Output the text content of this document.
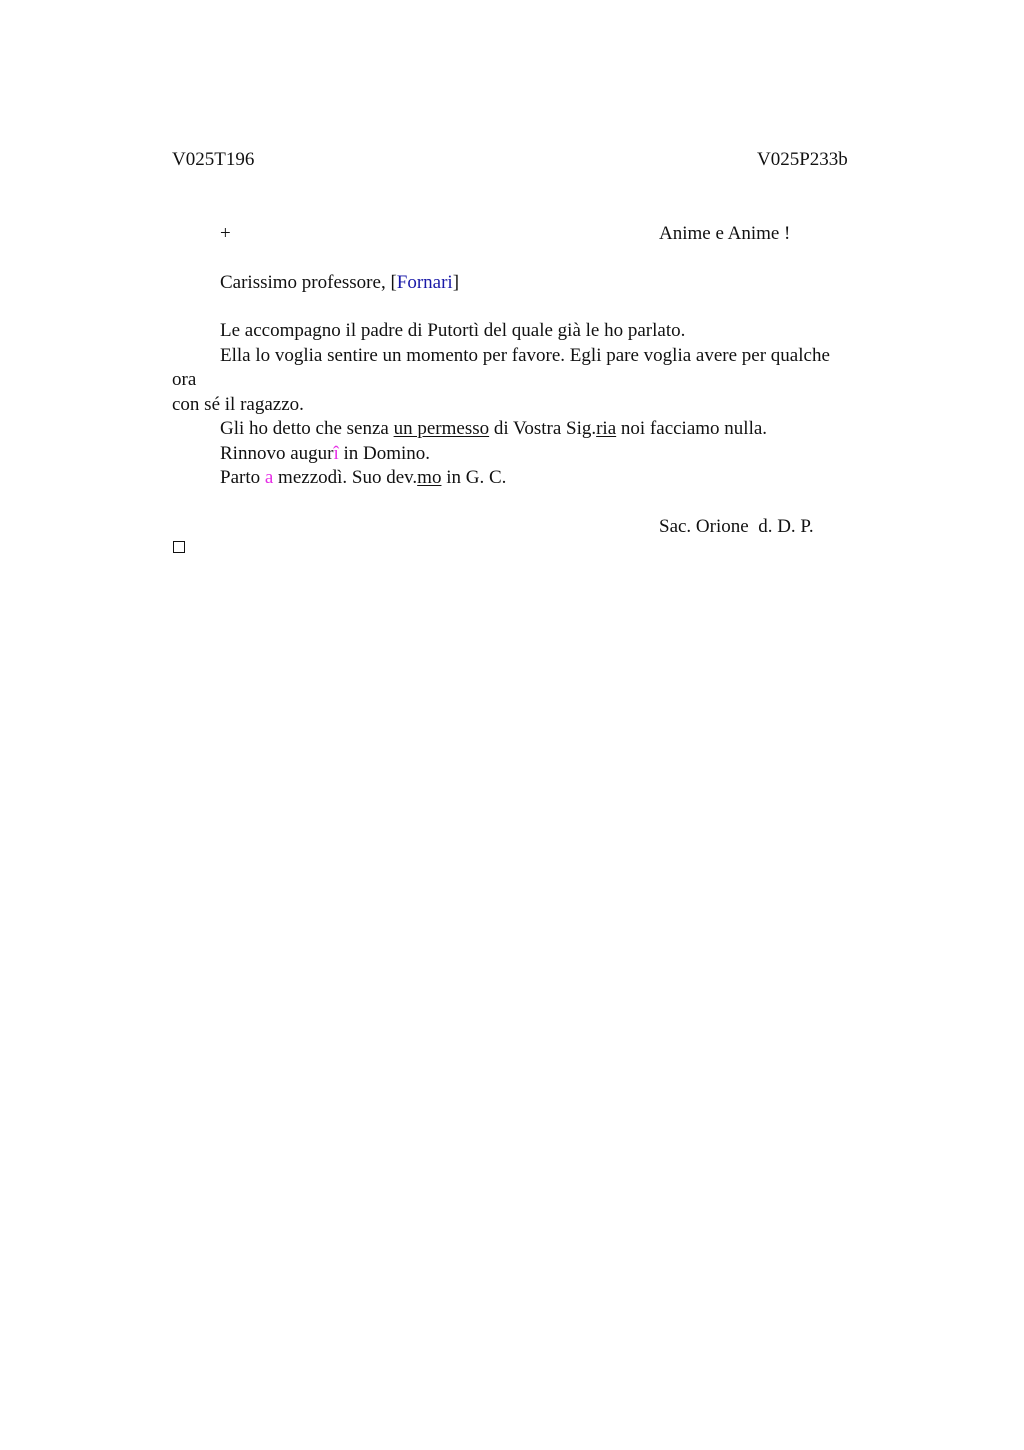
V025T196	V025P233b
+	Anime e Anime !
Carissimo professore, [Fornari]
Le accompagno il padre di Putortì del quale già le ho parlato.
Ella lo voglia sentire un momento per favore. Egli pare voglia avere per qualche
ora
con sé il ragazzo.
Gli ho detto che senza un permesso di Vostra Sig.ria noi facciamo nulla.
Rinnovo augurî in Domino.
Parto a mezzodì. Suo dev.mo in G. C.
Sac. Orione  d. D. P.
